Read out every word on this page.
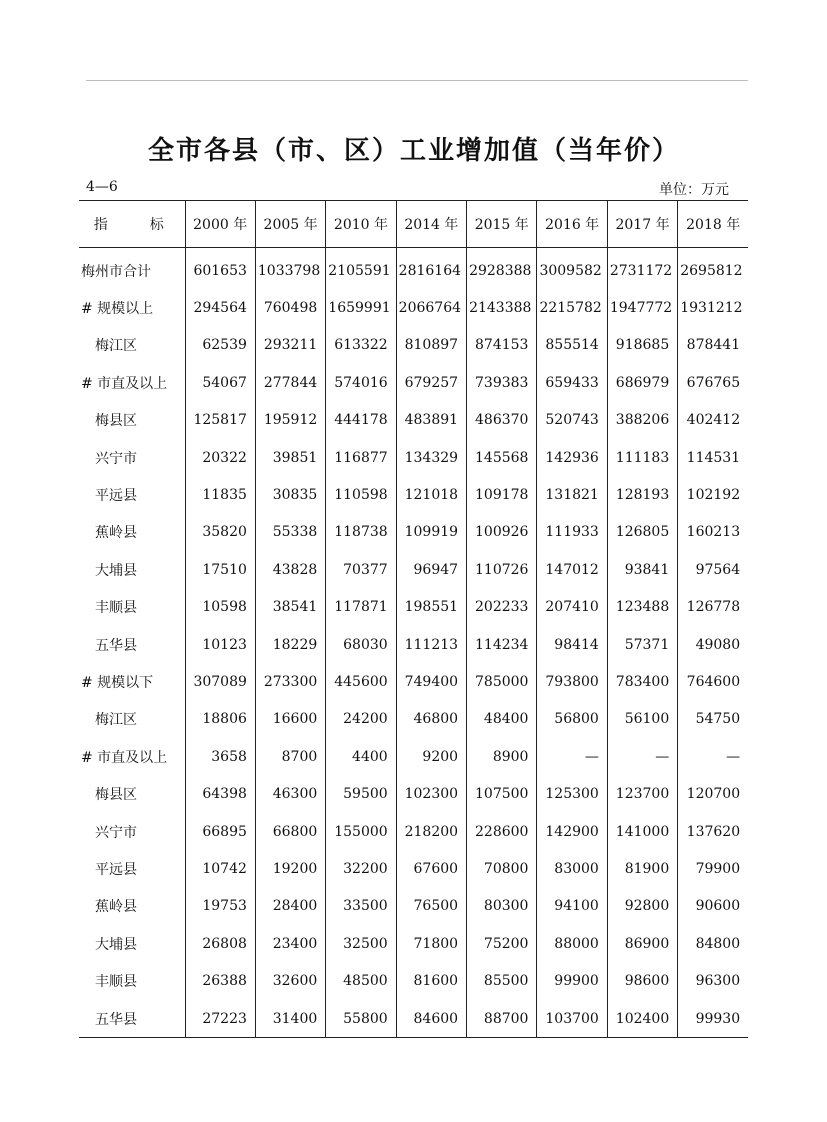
全市各县（市、区）工业增加值（当年价）
4—6	单位：万元
指　标	2000 年	2005 年	2010 年	2014 年	2015 年	2016 年	2017 年	2018 年
梅州市合计	601653	1033798	2105591	2816164	2928388	3009582	2731172	2695812
# 规模以上	294564	760498	1659991	2066764	2143388	2215782	1947772	1931212
　梅江区	62539	293211	613322	810897	874153	855514	918685	878441
# 市直及以上	54067	277844	574016	679257	739383	659433	686979	676765
　梅县区	125817	195912	444178	483891	486370	520743	388206	402412
　兴宁市	20322	39851	116877	134329	145568	142936	111183	114531
　平远县	11835	30835	110598	121018	109178	131821	128193	102192
　蕉岭县	35820	55338	118738	109919	100926	111933	126805	160213
　大埔县	17510	43828	70377	96947	110726	147012	93841	97564
　丰顺县	10598	38541	117871	198551	202233	207410	123488	126778
　五华县	10123	18229	68030	111213	114234	98414	57371	49080
# 规模以下	307089	273300	445600	749400	785000	793800	783400	764600
　梅江区	18806	16600	24200	46800	48400	56800	56100	54750
# 市直及以上	3658	8700	4400	9200	8900	—	—	—
　梅县区	64398	46300	59500	102300	107500	125300	123700	120700
　兴宁市	66895	66800	155000	218200	228600	142900	141000	137620
　平远县	10742	19200	32200	67600	70800	83000	81900	79900
　蕉岭县	19753	28400	33500	76500	80300	94100	92800	90600
　大埔县	26808	23400	32500	71800	75200	88000	86900	84800
　丰顺县	26388	32600	48500	81600	85500	99900	98600	96300
　五华县	27223	31400	55800	84600	88700	103700	102400	99930
